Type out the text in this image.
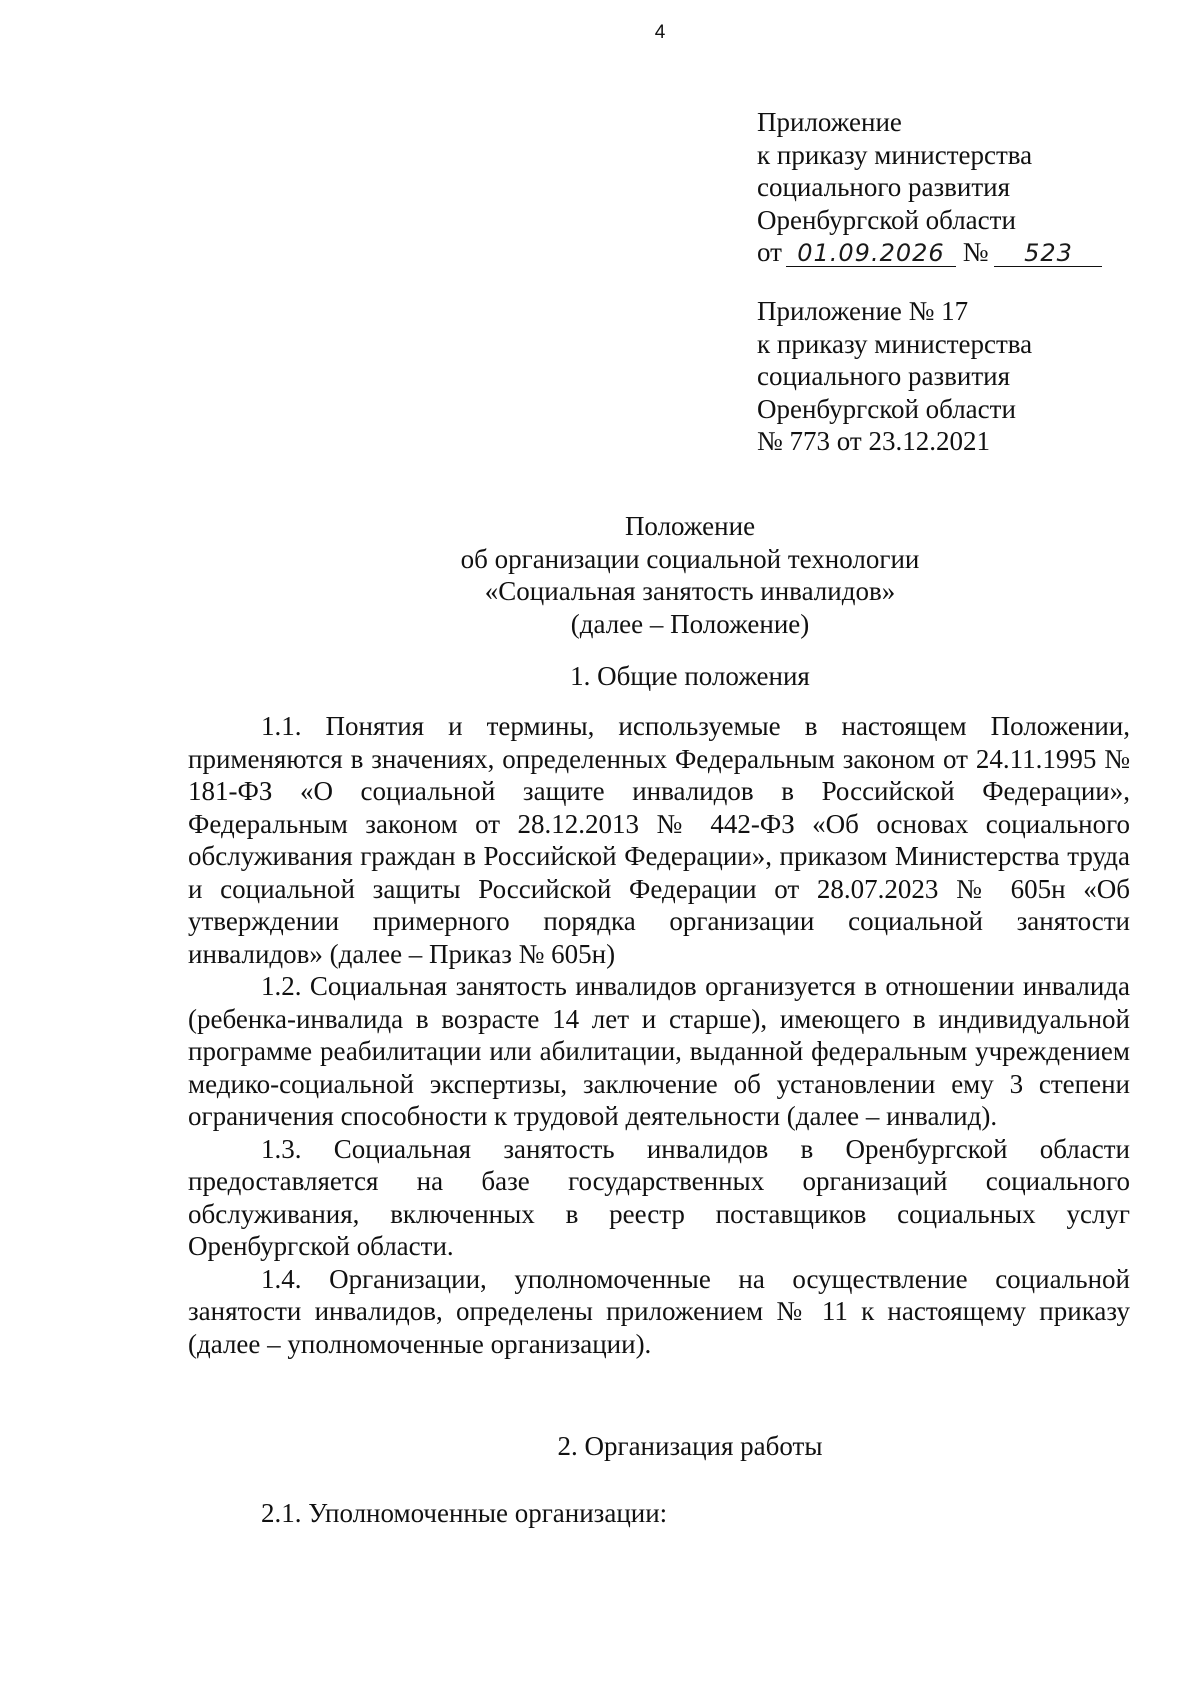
4
Приложение
к приказу министерства
социального развития
Оренбургской области
от 01.09.2026 № 523
Приложение № 17
к приказу министерства
социального развития
Оренбургской области
№ 773 от 23.12.2021
Положение
об организации социальной технологии
«Социальная занятость инвалидов»
(далее – Положение)
1. Общие положения

1.1. Понятия и термины, используемые в настоящем Положении, применяются в значениях, определенных Федеральным законом от 24.11.1995 № 181-ФЗ «О социальной защите инвалидов в Российской Федерации», Федеральным законом от 28.12.2013 № 442-ФЗ «Об основах социального обслуживания граждан в Российской Федерации», приказом Министерства труда и социальной защиты Российской Федерации от 28.07.2023 № 605н «Об утверждении примерного порядка организации социальной занятости инвалидов» (далее – Приказ № 605н)

1.2. Социальная занятость инвалидов организуется в отношении инвалида (ребенка-инвалида в возрасте 14 лет и старше), имеющего в индивидуальной программе реабилитации или абилитации, выданной федеральным учреждением медико-социальной экспертизы, заключение об установлении ему 3 степени ограничения способности к трудовой деятельности (далее – инвалид).

1.3. Социальная занятость инвалидов в Оренбургской области предоставляется на базе государственных организаций социального обслуживания, включенных в реестр поставщиков социальных услуг Оренбургской области.

1.4. Организации, уполномоченные на осуществление социальной занятости инвалидов, определены приложением № 11 к настоящему приказу (далее – уполномоченные организации).

2. Организация работы

2.1. Уполномоченные организации:
